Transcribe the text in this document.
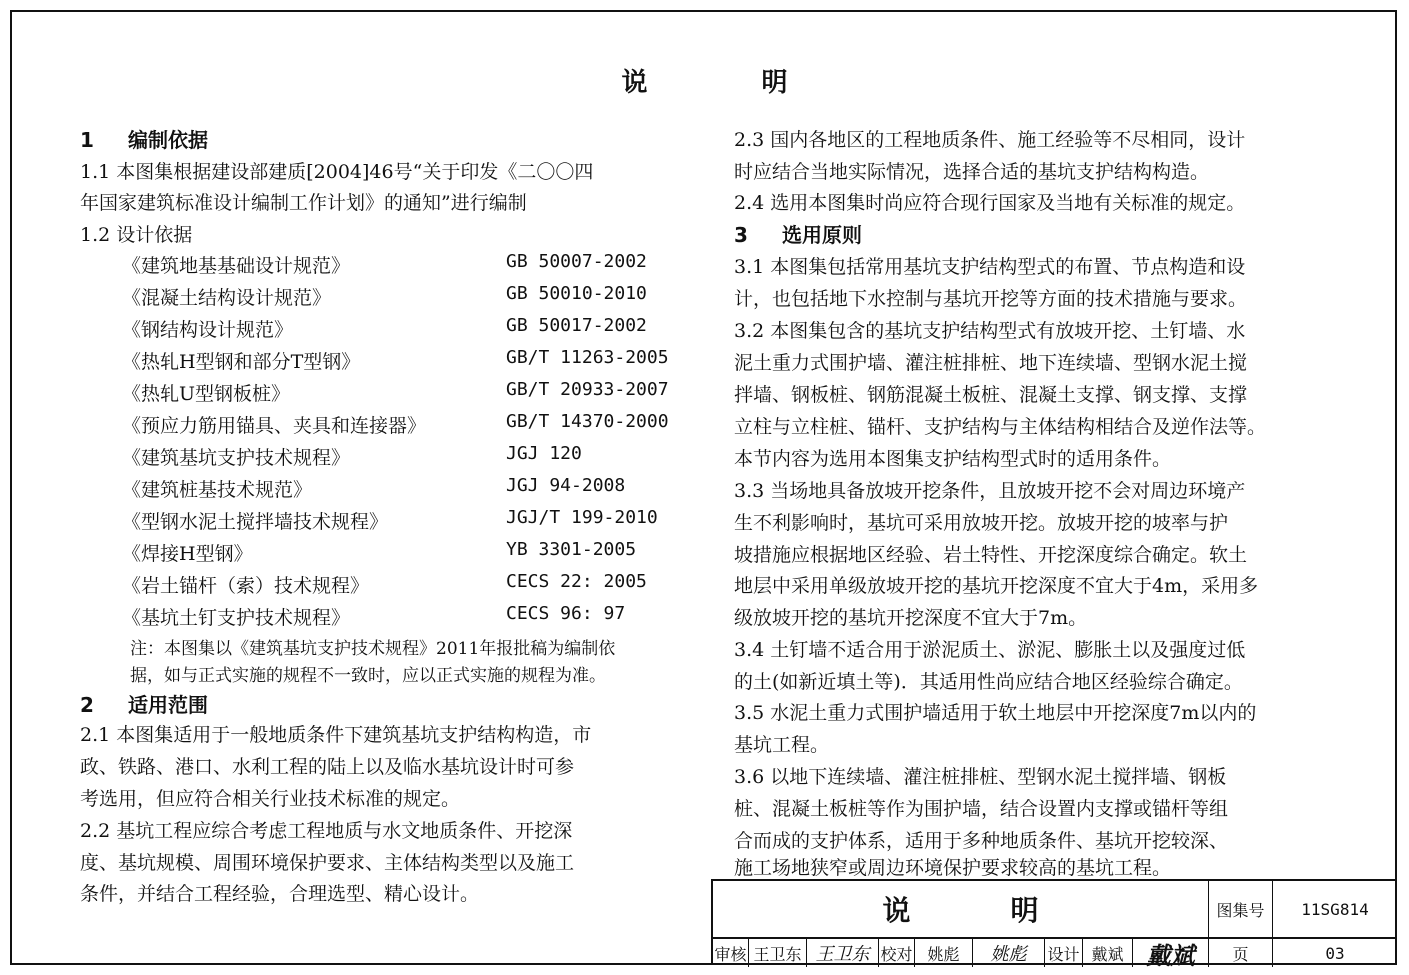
说　明
1 编制依据
1.1 本图集根据建设部建质[2004]46号“关于印发《二〇〇四
年国家建筑标准设计编制工作计划》的通知”进行编制
1.2 设计依据
《建筑地基基础设计规范》	GB 50007-2002
《混凝土结构设计规范》	GB 50010-2010
《钢结构设计规范》	GB 50017-2002
《热轧H型钢和部分T型钢》	GB/T 11263-2005
《热轧U型钢板桩》	GB/T 20933-2007
《预应力筋用锚具、夹具和连接器》	GB/T 14370-2000
《建筑基坑支护技术规程》	JGJ 120
《建筑桩基技术规范》	JGJ 94-2008
《型钢水泥土搅拌墙技术规程》	JGJ/T 199-2010
《焊接H型钢》	YB 3301-2005
《岩土锚杆（索）技术规程》	CECS 22: 2005
《基坑土钉支护技术规程》	CECS 96: 97
注：本图集以《建筑基坑支护技术规程》2011年报批稿为编制依
据，如与正式实施的规程不一致时，应以正式实施的规程为准。
2 适用范围
2.1 本图集适用于一般地质条件下建筑基坑支护结构构造，市
政、铁路、港口、水利工程的陆上以及临水基坑设计时可参
考选用，但应符合相关行业技术标准的规定。
2.2 基坑工程应综合考虑工程地质与水文地质条件、开挖深
度、基坑规模、周围环境保护要求、主体结构类型以及施工
条件，并结合工程经验，合理选型、精心设计。
2.3 国内各地区的工程地质条件、施工经验等不尽相同，设计
时应结合当地实际情况，选择合适的基坑支护结构构造。
2.4 选用本图集时尚应符合现行国家及当地有关标准的规定。
3 选用原则
3.1 本图集包括常用基坑支护结构型式的布置、节点构造和设
计，也包括地下水控制与基坑开挖等方面的技术措施与要求。
3.2 本图集包含的基坑支护结构型式有放坡开挖、土钉墙、水
泥土重力式围护墙、灌注桩排桩、地下连续墙、型钢水泥土搅
拌墙、钢板桩、钢筋混凝土板桩、混凝土支撑、钢支撑、支撑
立柱与立柱桩、锚杆、支护结构与主体结构相结合及逆作法等。
本节内容为选用本图集支护结构型式时的适用条件。
3.3 当场地具备放坡开挖条件，且放坡开挖不会对周边环境产
生不利影响时，基坑可采用放坡开挖。放坡开挖的坡率与护
坡措施应根据地区经验、岩土特性、开挖深度综合确定。软土
地层中采用单级放坡开挖的基坑开挖深度不宜大于4m，采用多
级放坡开挖的基坑开挖深度不宜大于7m。
3.4 土钉墙不适合用于淤泥质土、淤泥、膨胀土以及强度过低
的土(如新近填土等)．其适用性尚应结合地区经验综合确定。
3.5 水泥土重力式围护墙适用于软土地层中开挖深度7m以内的
基坑工程。
3.6 以地下连续墙、灌注桩排桩、型钢水泥土搅拌墙、钢板
桩、混凝土板桩等作为围护墙，结合设置内支撑或锚杆等组
合而成的支护体系，适用于多种地质条件、基坑开挖较深、
施工场地狭窄或周边环境保护要求较高的基坑工程。
说　明	图集号	11SG814
审核 王卫东 王卫东 校对 姚彪	姚彪	设计 戴斌 戴斌	页	03
